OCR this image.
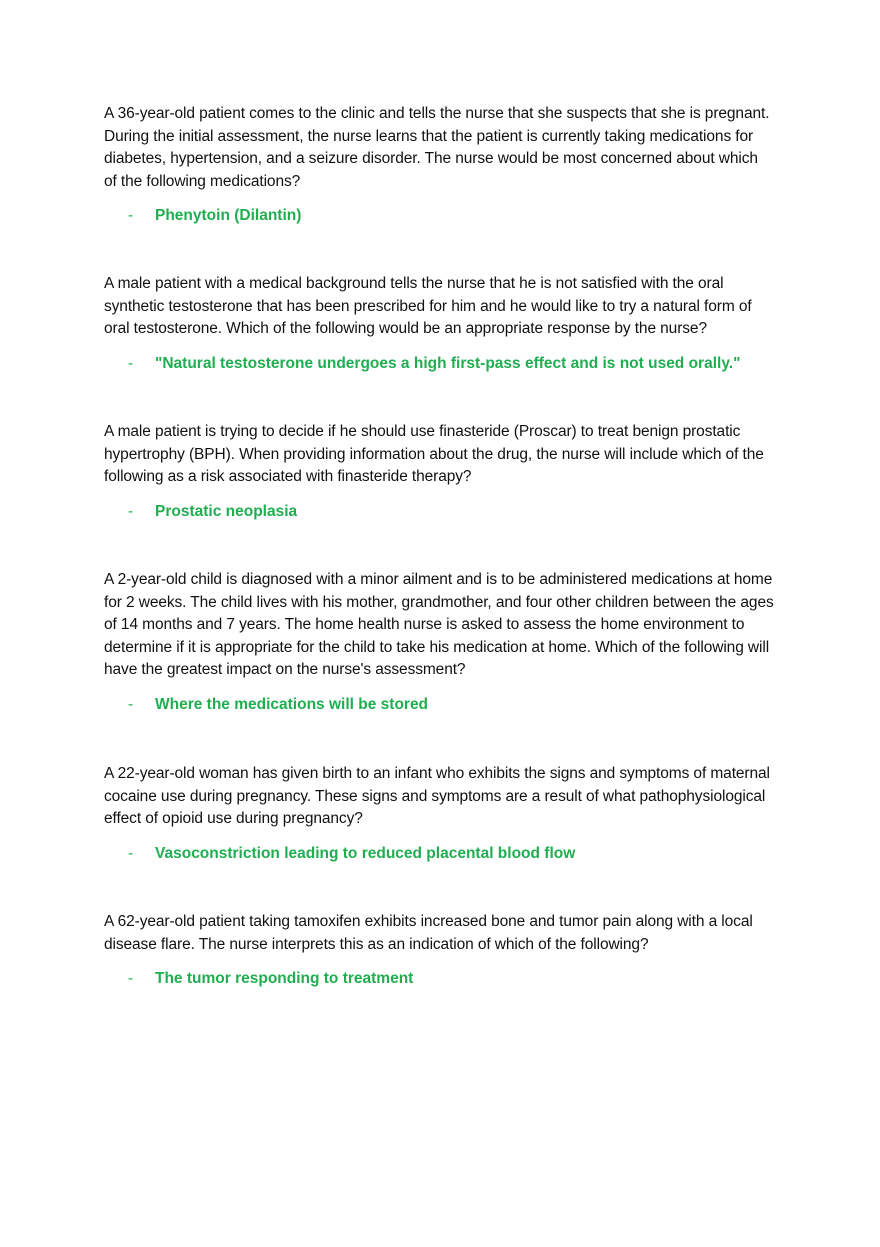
A 36-year-old patient comes to the clinic and tells the nurse that she suspects that she is pregnant. During the initial assessment, the nurse learns that the patient is currently taking medications for diabetes, hypertension, and a seizure disorder. The nurse would be most concerned about which of the following medications?

- Phenytoin (Dilantin)

A male patient with a medical background tells the nurse that he is not satisfied with the oral synthetic testosterone that has been prescribed for him and he would like to try a natural form of oral testosterone. Which of the following would be an appropriate response by the nurse?

- "Natural testosterone undergoes a high first-pass effect and is not used orally."

A male patient is trying to decide if he should use finasteride (Proscar) to treat benign prostatic hypertrophy (BPH). When providing information about the drug, the nurse will include which of the following as a risk associated with finasteride therapy?

- Prostatic neoplasia

A 2-year-old child is diagnosed with a minor ailment and is to be administered medications at home for 2 weeks. The child lives with his mother, grandmother, and four other children between the ages of 14 months and 7 years. The home health nurse is asked to assess the home environment to determine if it is appropriate for the child to take his medication at home. Which of the following will have the greatest impact on the nurse's assessment?

- Where the medications will be stored

A 22-year-old woman has given birth to an infant who exhibits the signs and symptoms of maternal cocaine use during pregnancy. These signs and symptoms are a result of what pathophysiological effect of opioid use during pregnancy?

- Vasoconstriction leading to reduced placental blood flow

A 62-year-old patient taking tamoxifen exhibits increased bone and tumor pain along with a local disease flare. The nurse interprets this as an indication of which of the following?

- The tumor responding to treatment
